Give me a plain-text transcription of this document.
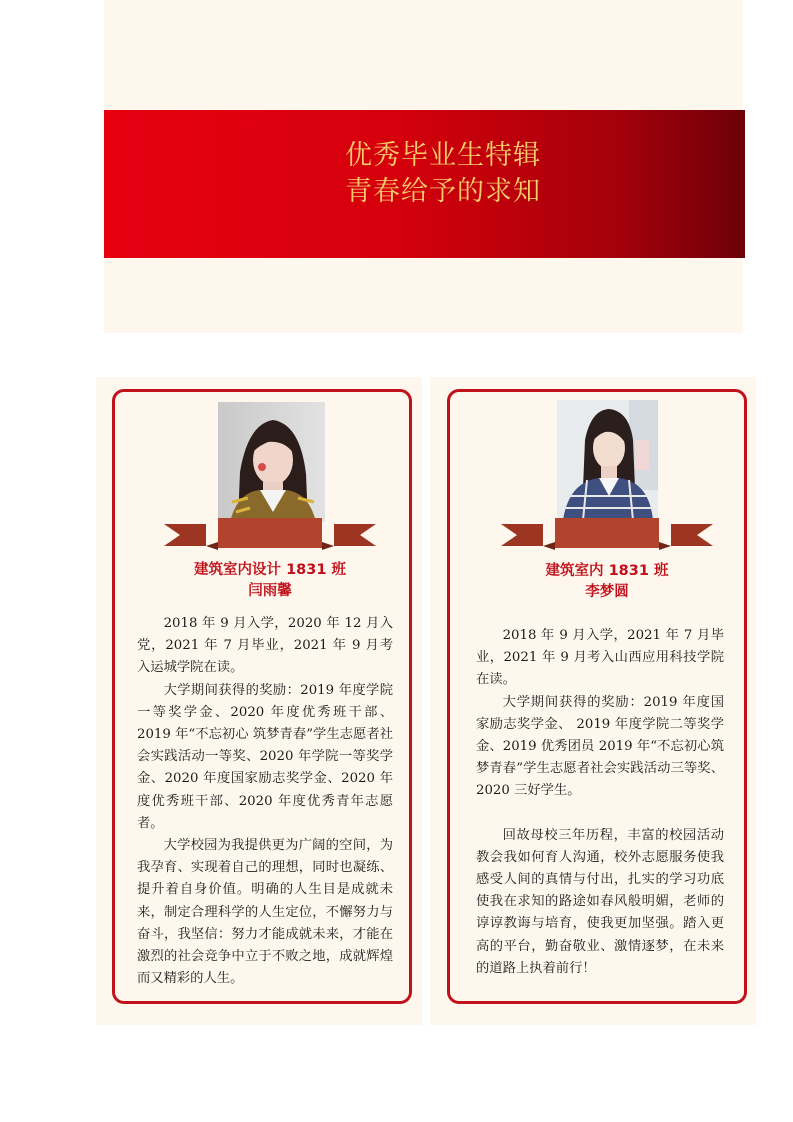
优秀毕业生特辑
青春给予的求知
建筑室内设计 1831 班
闫雨馨

2018 年 9 月入学，2020 年 12 月入党，2021 年 7 月毕业，2021 年 9 月考入运城学院在读。

大学期间获得的奖励：2019 年度学院一等奖学金、2020 年度优秀班干部、2019 年“不忘初心 筑梦青春”学生志愿者社会实践活动一等奖、2020 年学院一等奖学金、2020 年度国家励志奖学金、2020 年度优秀班干部、2020 年度优秀青年志愿者。

大学校园为我提供更为广阔的空间，为我孕育、实现着自己的理想，同时也凝练、提升着自身价值。明确的人生目是成就未来，制定合理科学的人生定位，不懈努力与奋斗，我坚信：努力才能成就未来，才能在激烈的社会竞争中立于不败之地，成就辉煌而又精彩的人生。

建筑室内 1831 班
李梦圆

2018 年 9 月入学，2021 年 7 月毕业，2021 年 9 月考入山西应用科技学院在读。

大学期间获得的奖励：2019 年度国家励志奖学金、 2019 年度学院二等奖学金、2019 优秀团员 2019 年“不忘初心筑梦青春”学生志愿者社会实践活动三等奖、2020 三好学生。

回故母校三年历程，丰富的校园活动教会我如何育人沟通，校外志愿服务使我感受人间的真情与付出，扎实的学习功底使我在求知的路途如春风般明媚，老师的谆谆教诲与培育，使我更加坚强。踏入更高的平台，勤奋敬业、激情逐梦，在未来的道路上执着前行！
